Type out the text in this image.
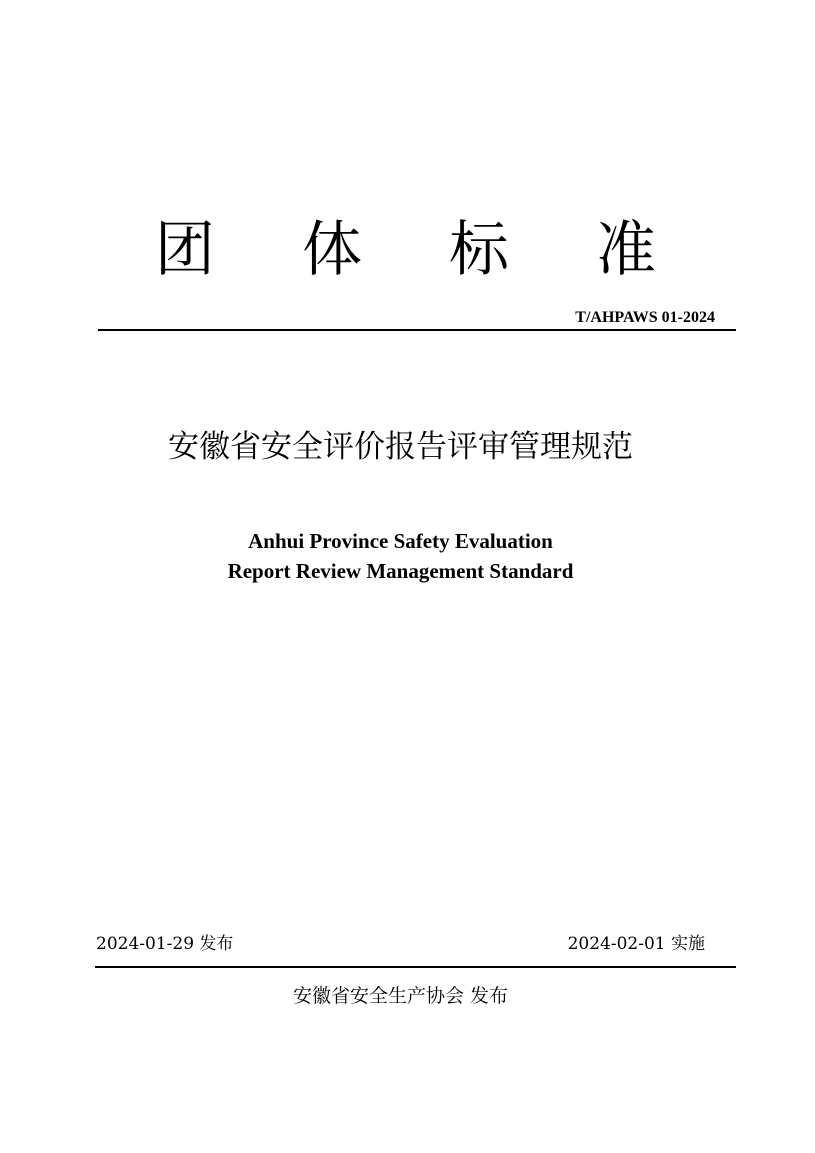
团 体 标 准
T/AHPAWS 01-2024
安徽省安全评价报告评审管理规范
Anhui Province Safety Evaluation
Report Review Management Standard
2024-01-29 发布	2024-02-01 实施
安徽省安全生产协会 发布
